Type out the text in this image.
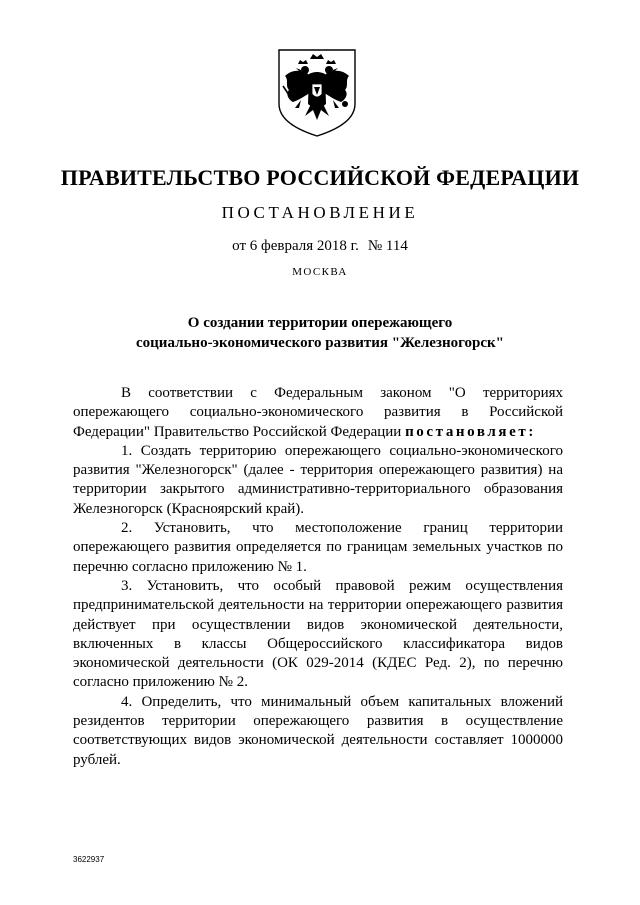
ПРАВИТЕЛЬСТВО РОССИЙСКОЙ ФЕДЕРАЦИИ
ПОСТАНОВЛЕНИЕ
от 6 февраля 2018 г. № 114
МОСКВА
О создании территории опережающего
социально-экономического развития "Железногорск"

В соответствии с Федеральным законом "О территориях опережающего социально-экономического развития в Российской Федерации" Правительство Российской Федерации постановляет:

1. Создать территорию опережающего социально-экономического развития "Железногорск" (далее - территория опережающего развития) на территории закрытого административно-территориального образования Железногорск (Красноярский край).

2. Установить, что местоположение границ территории опережающего развития определяется по границам земельных участков по перечню согласно приложению № 1.

3. Установить, что особый правовой режим осуществления предпринимательской деятельности на территории опережающего развития действует при осуществлении видов экономической деятельности, включенных в классы Общероссийского классификатора видов экономической деятельности (ОК 029-2014 (КДЕС Ред. 2), по перечню согласно приложению № 2.

4. Определить, что минимальный объем капитальных вложений резидентов территории опережающего развития в осуществление соответствующих видов экономической деятельности составляет 1000000 рублей.

3622937
